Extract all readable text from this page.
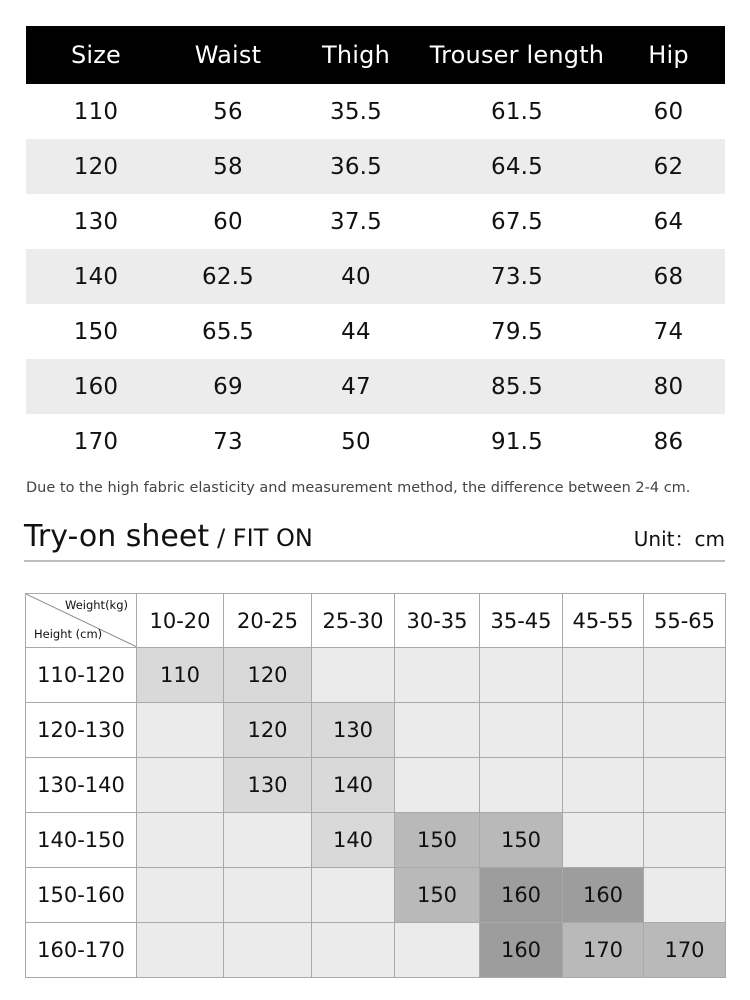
Size	Waist	Thigh	Trouser length	Hip
110	56	35.5	61.5	60
120	58	36.5	64.5	62
130	60	37.5	67.5	64
140	62.5	40	73.5	68
150	65.5	44	79.5	74
160	69	47	85.5	80
170	73	50	91.5	86
Due to the high fabric elasticity and measurement method, the difference between 2-4 cm.
Try-on sheet / FIT ON	Unit：cm
Weight(kg)
Height (cm)	10-20	20-25	25-30	30-35	35-45	45-55	55-65
110-120	110	120					
120-130		120	130				
130-140		130	140				
140-150			140	150	150		
150-160				150	160	160	
160-170					160	170	170
